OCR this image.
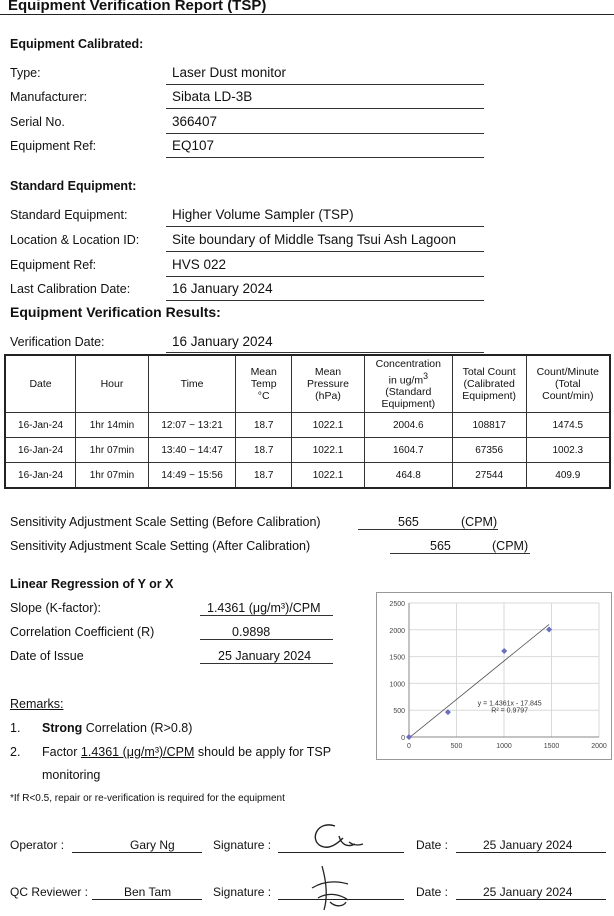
Equipment Verification Report (TSP)
Equipment Calibrated:
Type:	Laser Dust monitor
Manufacturer:	Sibata LD-3B
Serial No.	366407
Equipment Ref:	EQ107
Standard Equipment:
Standard Equipment:	Higher Volume Sampler (TSP)
Location & Location ID: Site boundary of Middle Tsang Tsui Ash Lagoon
Equipment Ref:	HVS 022
Last Calibration Date:	16 January 2024
Equipment Verification Results:
Verification Date:	16 January 2024
Date	Hour	Time	Mean
Temp
°C	Mean
Pressure
(hPa)	Concentration
in $ug/m^3$
(Standard
Equipment)	Total Count
(Calibrated
Equipment)	Count/Minute
(Total
Count/min)
16-Jan-24	1hr 14min	12:07 ~ 13:21	18.7	1022.1	2004.6	108817	1474.5
16-Jan-24	1hr 07min	13:40 ~ 14:47	18.7	1022.1	1604.7	67356	1002.3
16-Jan-24	1hr 07min	14:49 ~ 15:56	18.7	1022.1	464.8	27544	409.9
Sensitivity Adjustment Scale Setting (Before Calibration)	565	(CPM)
Sensitivity Adjustment Scale Setting (After Calibration)	565	(CPM)
Linear Regression of Y or X
Slope (K-factor):	1.4361 (μg/m³)/CPM
Correlation Coefficient (R)	0.9898
Date of Issue	25 January 2024
0
500
1000
1500
2000
2500
0	500	1000	1500	2000
y = 1.4361x - 17.845
R² = 0.9797
Remarks:
1. Strong Correlation (R>0.8)
2. Factor 1.4361 (μg/m³)/CPM should be apply for TSP
monitoring
*If R<0.5, repair or re-verification is required for the equipment
Operator :	Gary Ng	Signature :	Date :	25 January 2024
QC Reviewer :	Ben Tam	Signature :	Date :	25 January 2024
